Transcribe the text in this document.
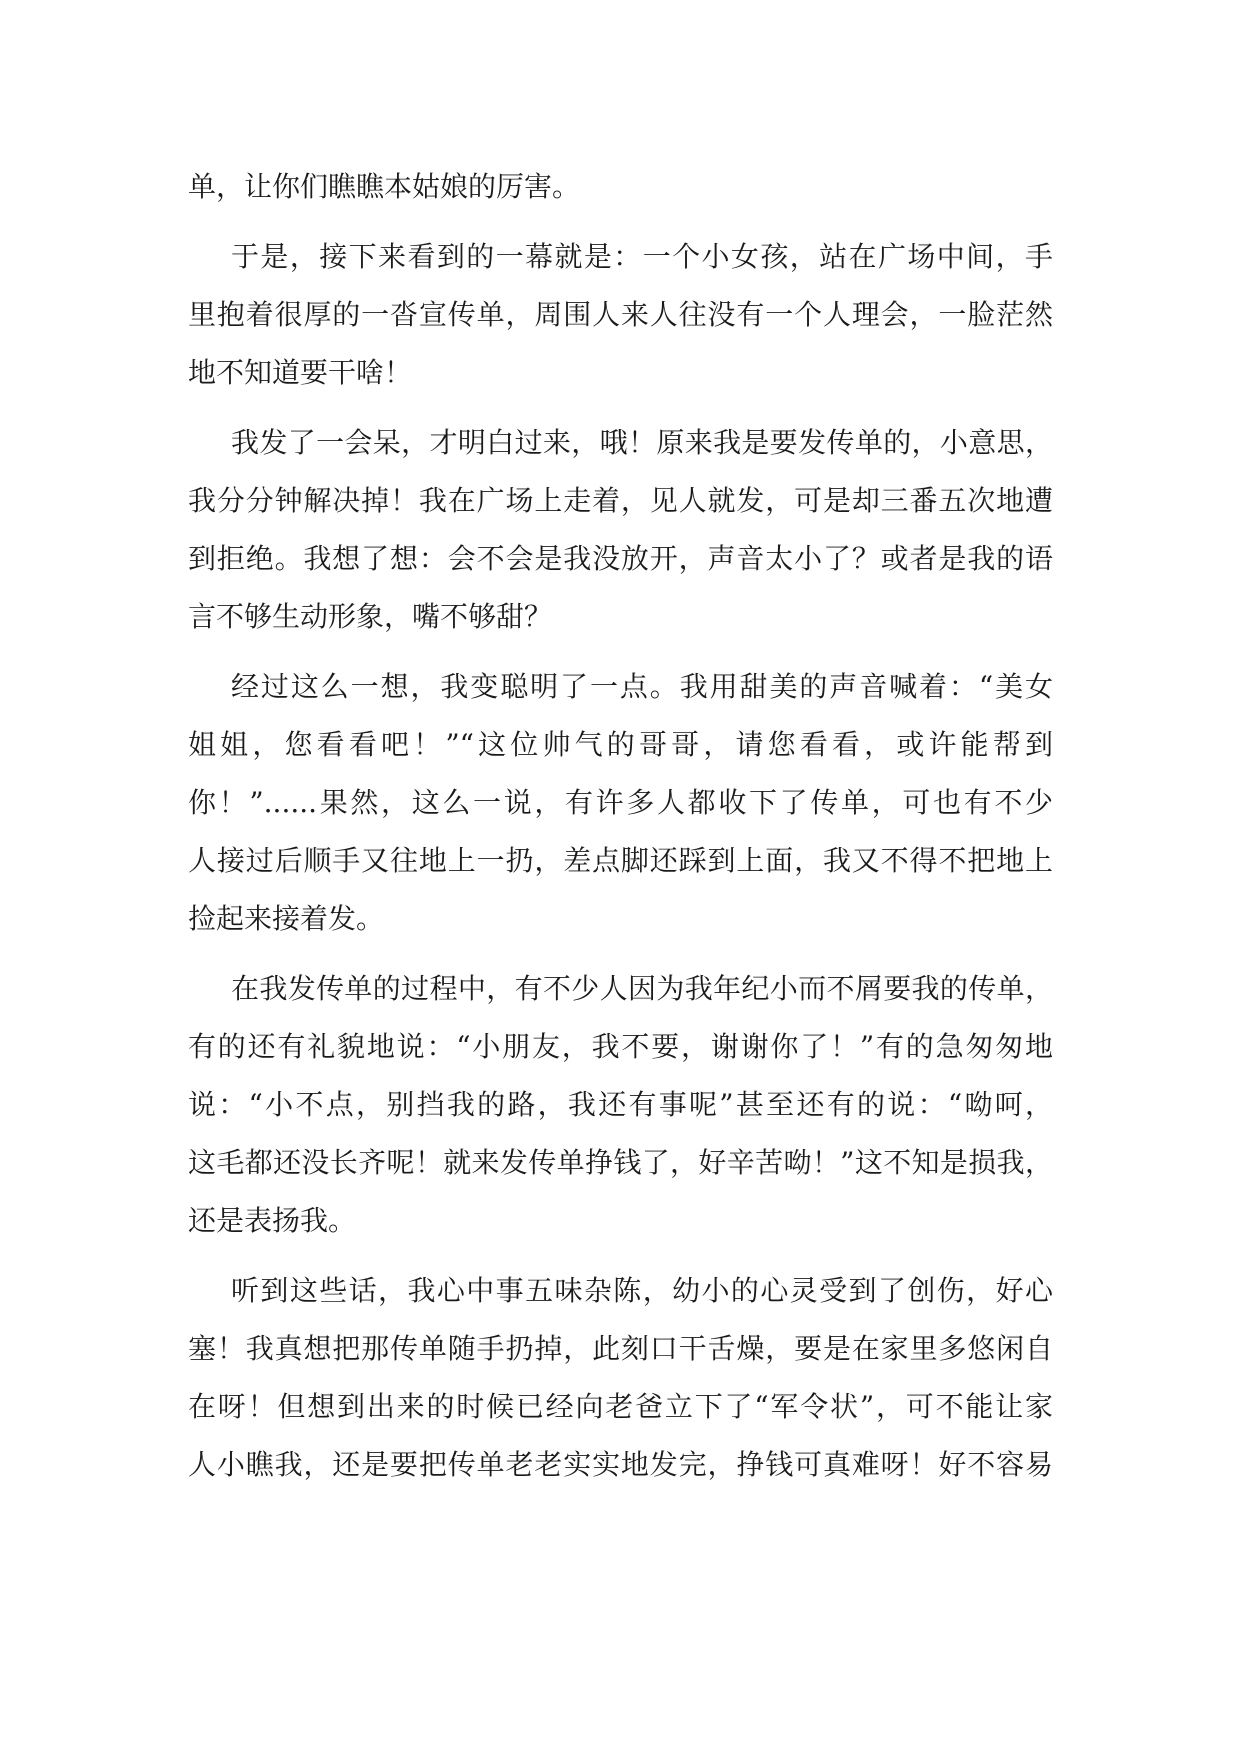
单，让你们瞧瞧本姑娘的厉害。
于是，接下来看到的一幕就是：一个小女孩，站在广场中间，手
里抱着很厚的一沓宣传单，周围人来人往没有一个人理会，一脸茫然
地不知道要干啥！
我发了一会呆，才明白过来，哦！原来我是要发传单的，小意思，
我分分钟解决掉！我在广场上走着，见人就发，可是却三番五次地遭
到拒绝。我想了想：会不会是我没放开，声音太小了？或者是我的语
言不够生动形象，嘴不够甜？
经过这么一想，我变聪明了一点。我用甜美的声音喊着：“美女
姐姐，您看看吧！”“这位帅气的哥哥，请您看看，或许能帮到
你！”......果然，这么一说，有许多人都收下了传单，可也有不少
人接过后顺手又往地上一扔，差点脚还踩到上面，我又不得不把地上
捡起来接着发。
在我发传单的过程中，有不少人因为我年纪小而不屑要我的传单，
有的还有礼貌地说：“小朋友，我不要，谢谢你了！”有的急匆匆地
说：“小不点，别挡我的路，我还有事呢”甚至还有的说：“呦呵，
这毛都还没长齐呢！就来发传单挣钱了，好辛苦呦！”这不知是损我，
还是表扬我。
听到这些话，我心中事五味杂陈，幼小的心灵受到了创伤，好心
塞！我真想把那传单随手扔掉，此刻口干舌燥，要是在家里多悠闲自
在呀！但想到出来的时候已经向老爸立下了“军令状”，可不能让家
人小瞧我，还是要把传单老老实实地发完，挣钱可真难呀！好不容易
